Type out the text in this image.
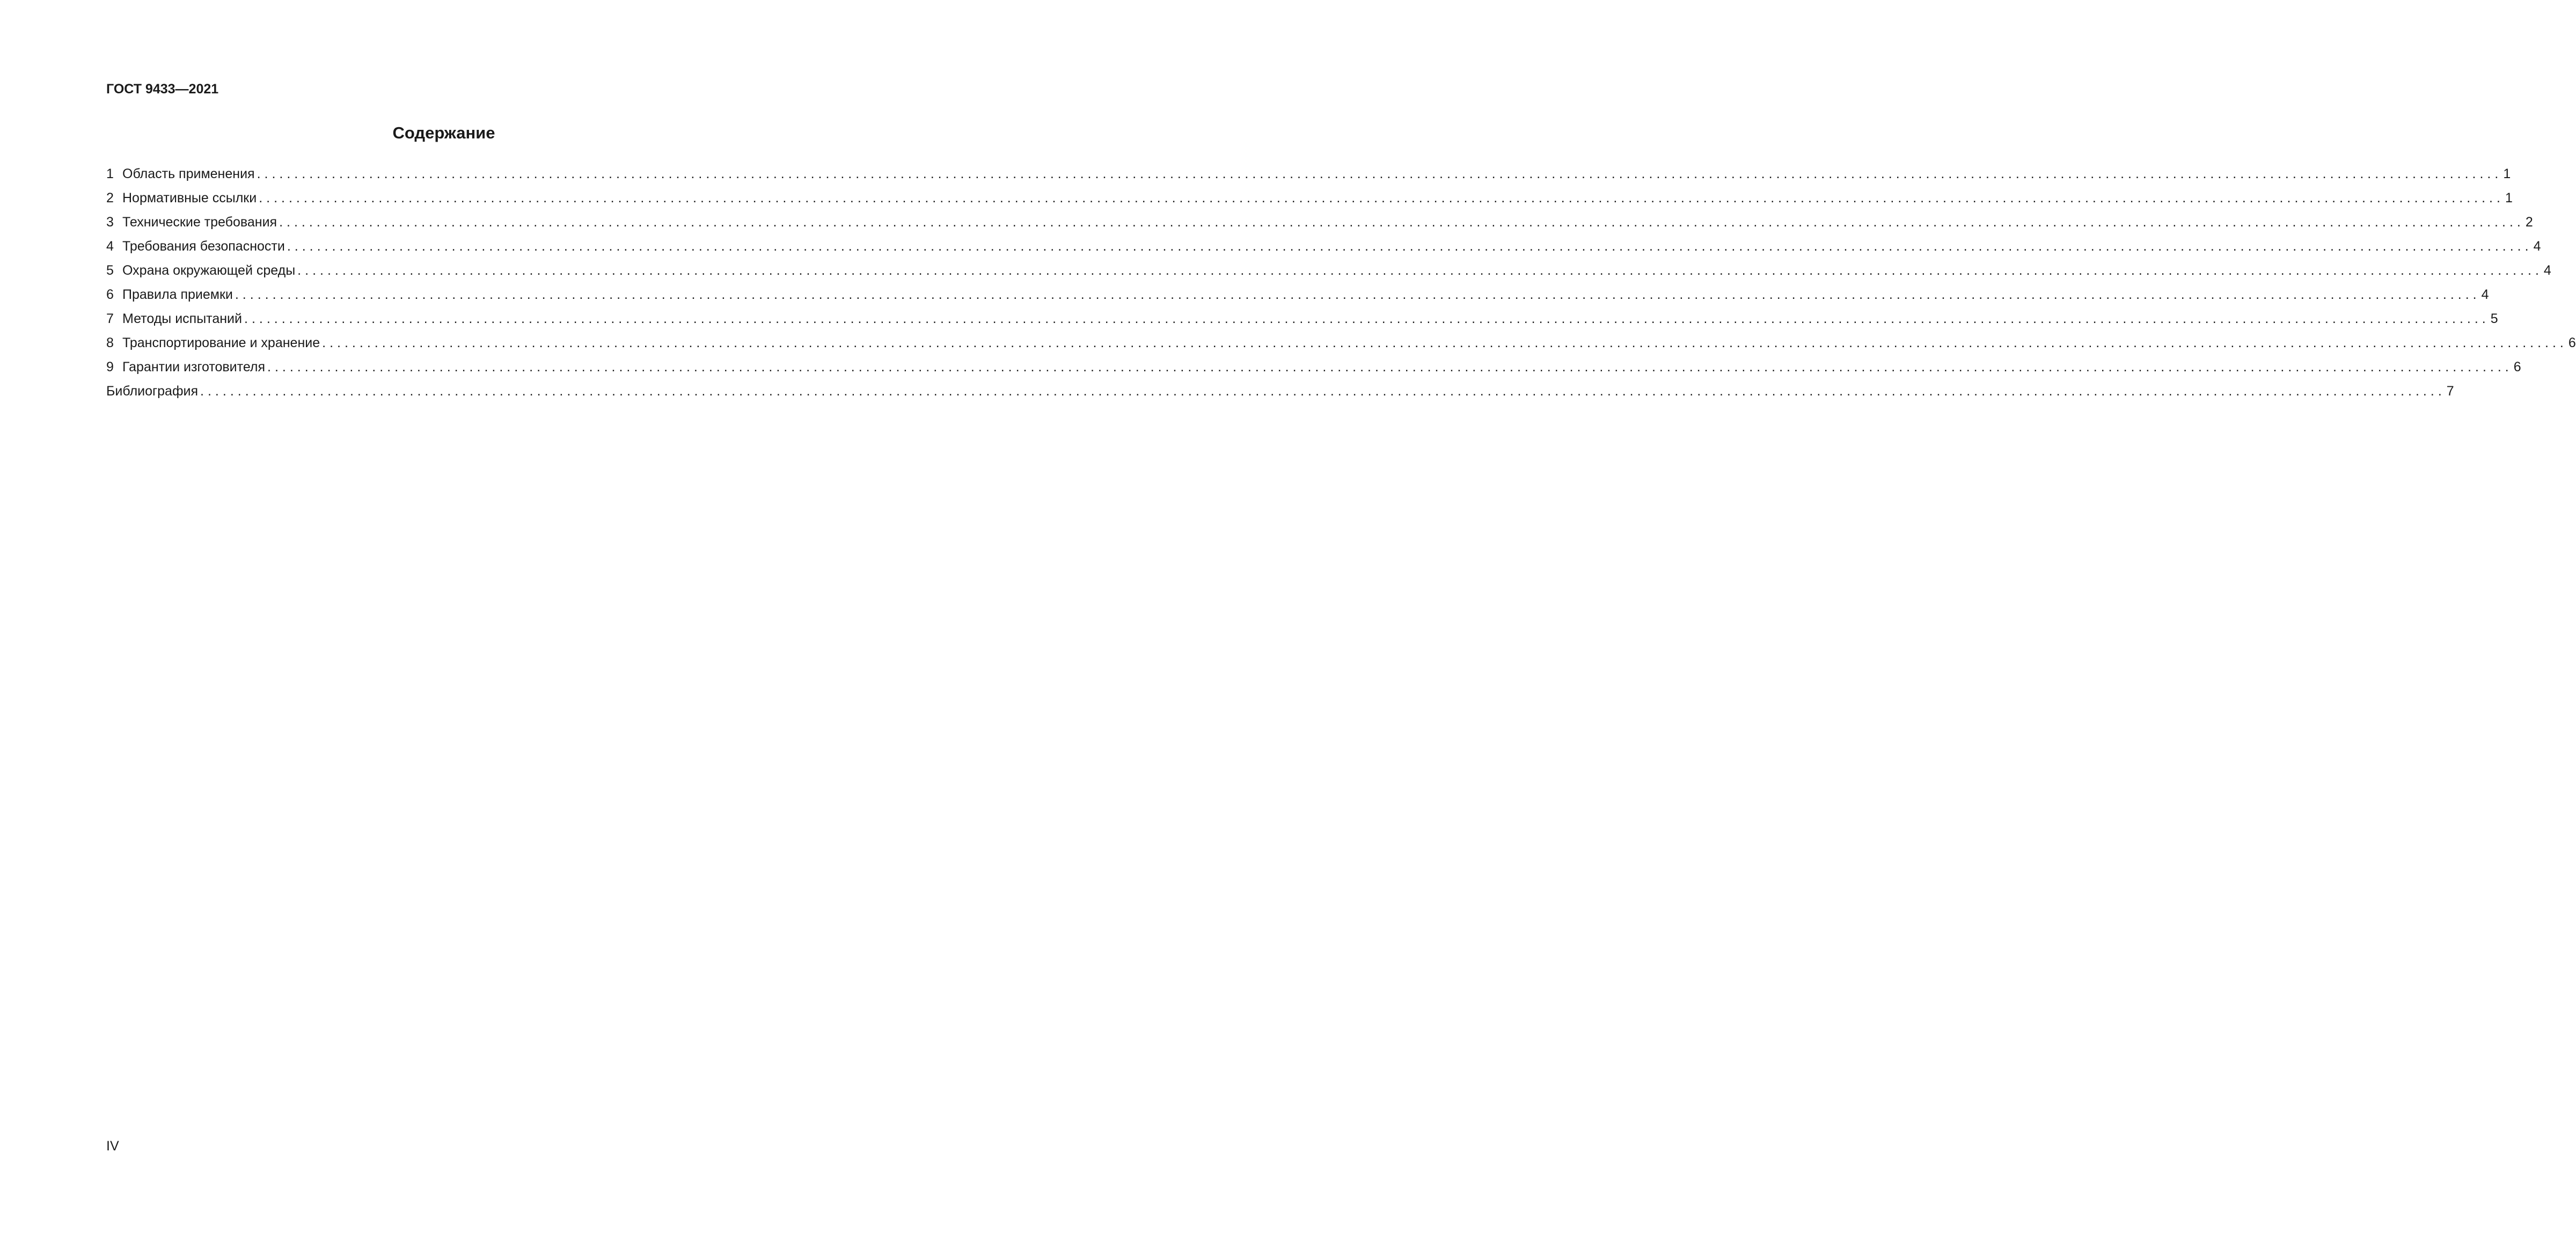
ГОСТ 9433—2021
Содержание
1 Область применения ............................................................................................................................................................................................................................................................................................................ 1
2 Нормативные ссылки ............................................................................................................................................................................................................................................................................................................ 1
3 Технические требования ............................................................................................................................................................................................................................................................................................................ 2
4 Требования безопасности ............................................................................................................................................................................................................................................................................................................ 4
5 Охрана окружающей среды ............................................................................................................................................................................................................................................................................................................ 4
6 Правила приемки ............................................................................................................................................................................................................................................................................................................ 4
7 Методы испытаний ............................................................................................................................................................................................................................................................................................................ 5
8 Транспортирование и хранение ............................................................................................................................................................................................................................................................................................................ 6
9 Гарантии изготовителя ............................................................................................................................................................................................................................................................................................................ 6
Библиография ............................................................................................................................................................................................................................................................................................................ 7
IV
